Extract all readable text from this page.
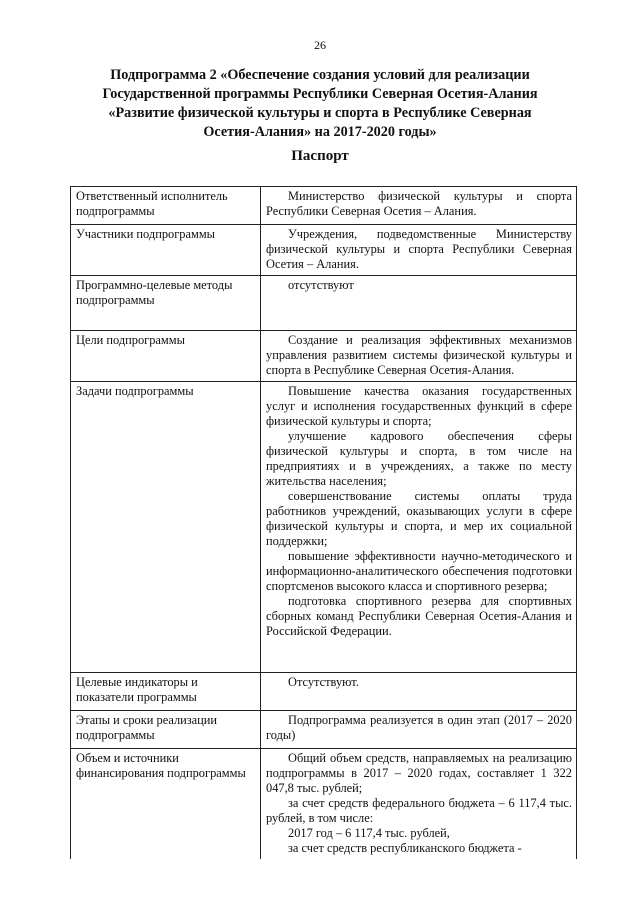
26
Подпрограмма 2 «Обеспечение создания условий для реализации
Государственной программы Республики Северная Осетия-Алания
«Развитие физической культуры и спорта в Республике Северная
Осетия-Алания» на 2017-2020 годы»
Паспорт
Ответственный исполнитель подпрограммы	Министерство физической культуры и спорта Республики Северная Осетия – Алания.

Участники подпрограммы	Учреждения, подведомственные Министерству физической культуры и спорта Республики Северная Осетия – Алания.

Программно-целевые методы подпрограммы	отсутствуют

Цели подпрограммы	Создание и реализация эффективных механизмов управления развитием системы физической культуры и спорта в Республике Северная Осетия-Алания.

Задачи подпрограммы	Повышение качества оказания государственных услуг и исполнения государственных функций в сфере физической культуры и спорта;
улучшение кадрового обеспечения сферы физической культуры и спорта, в том числе на предприятиях и в учреждениях, а также по месту жительства населения;
совершенствование системы оплаты труда работников учреждений, оказывающих услуги в сфере физической культуры и спорта, и мер их социальной поддержки;
повышение эффективности научно-методического и информационно-аналитического обеспечения подготовки спортсменов высокого класса и спортивного резерва;
подготовка спортивного резерва для спортивных сборных команд Республики Северная Осетия-Алания и Российской Федерации.

Целевые индикаторы и показатели программы	Отсутствуют.

Этапы и сроки реализации подпрограммы	Подпрограмма реализуется в один этап (2017 – 2020 годы)

Объем и источники финансирования подпрограммы	Общий объем средств, направляемых на реализацию подпрограммы в 2017 – 2020 годах, составляет 1 322 047,8 тыс. рублей;
за счет средств федерального бюджета – 6 117,4 тыс. рублей, в том числе:
2017 год – 6 117,4 тыс. рублей,
за счет средств республиканского бюджета -
